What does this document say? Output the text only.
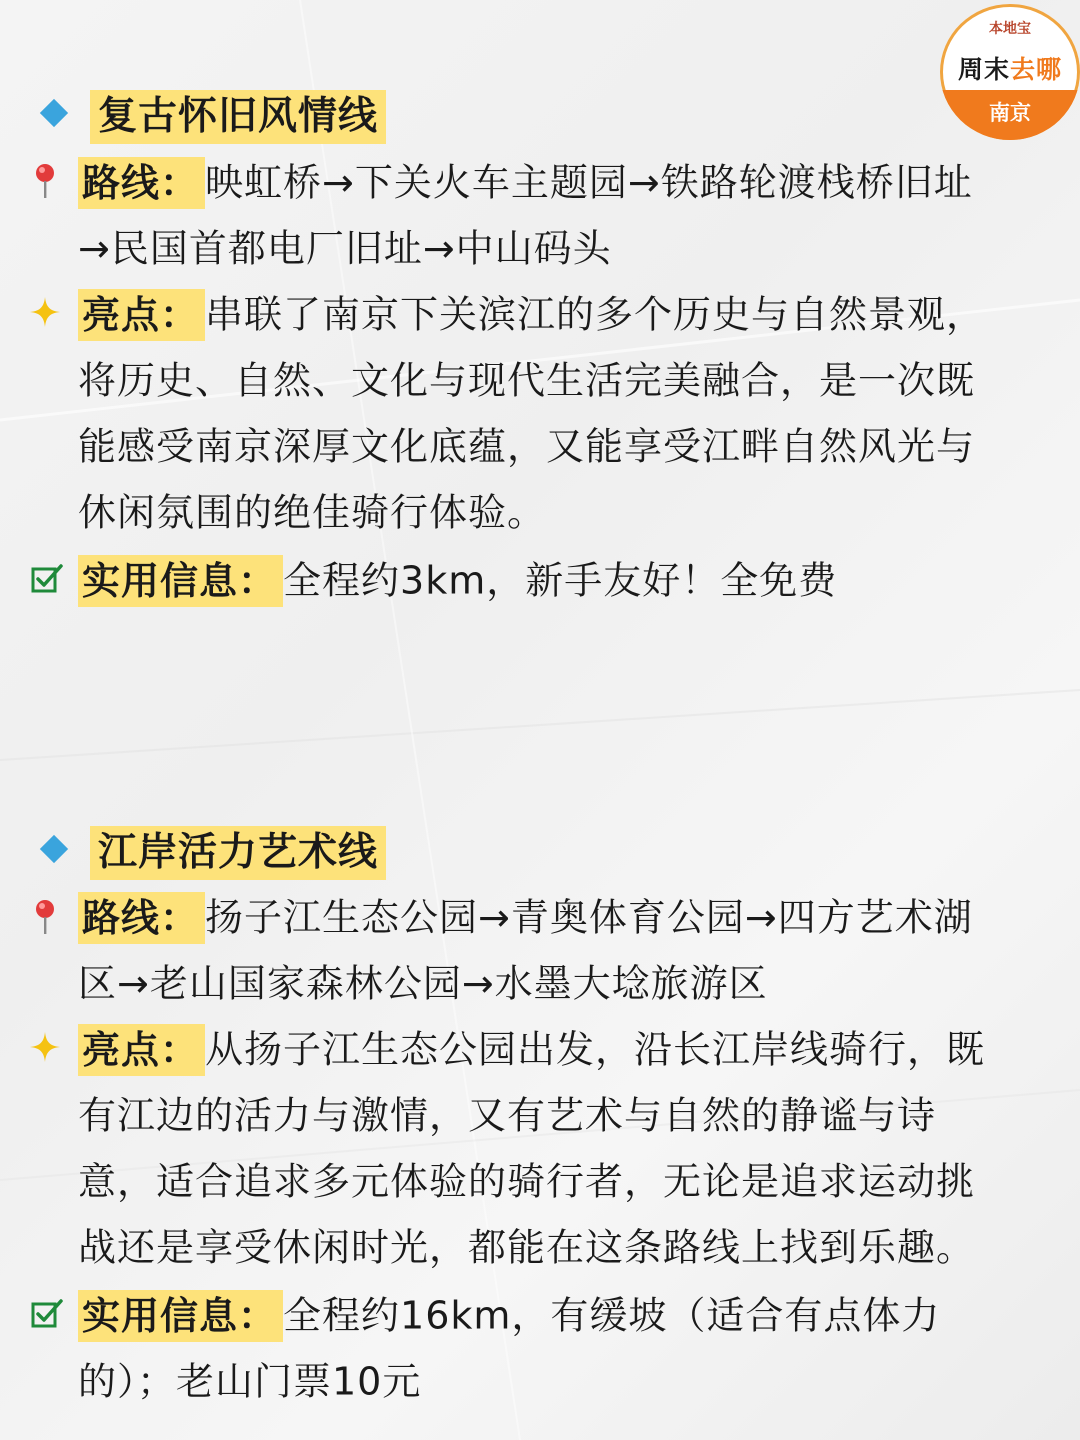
本地宝
周末去哪
南京
复古怀旧风情线
路线： 映虹桥→下关火车主题园→铁路轮渡栈桥旧址
→民国首都电厂旧址→中山码头
亮点： 串联了南京下关滨江的多个历史与自然景观，
将历史、自然、文化与现代生活完美融合，是一次既
能感受南京深厚文化底蕴，又能享受江畔自然风光与
休闲氛围的绝佳骑行体验。
实用信息： 全程约3km，新手友好！全免费
江岸活力艺术线
路线： 扬子江生态公园→青奥体育公园→四方艺术湖
区→老山国家森林公园→水墨大埝旅游区
亮点： 从扬子江生态公园出发，沿长江岸线骑行，既
有江边的活力与激情，又有艺术与自然的静谧与诗
意，适合追求多元体验的骑行者，无论是追求运动挑
战还是享受休闲时光，都能在这条路线上找到乐趣。
实用信息： 全程约16km，有缓坡（适合有点体力
的）；老山门票10元
